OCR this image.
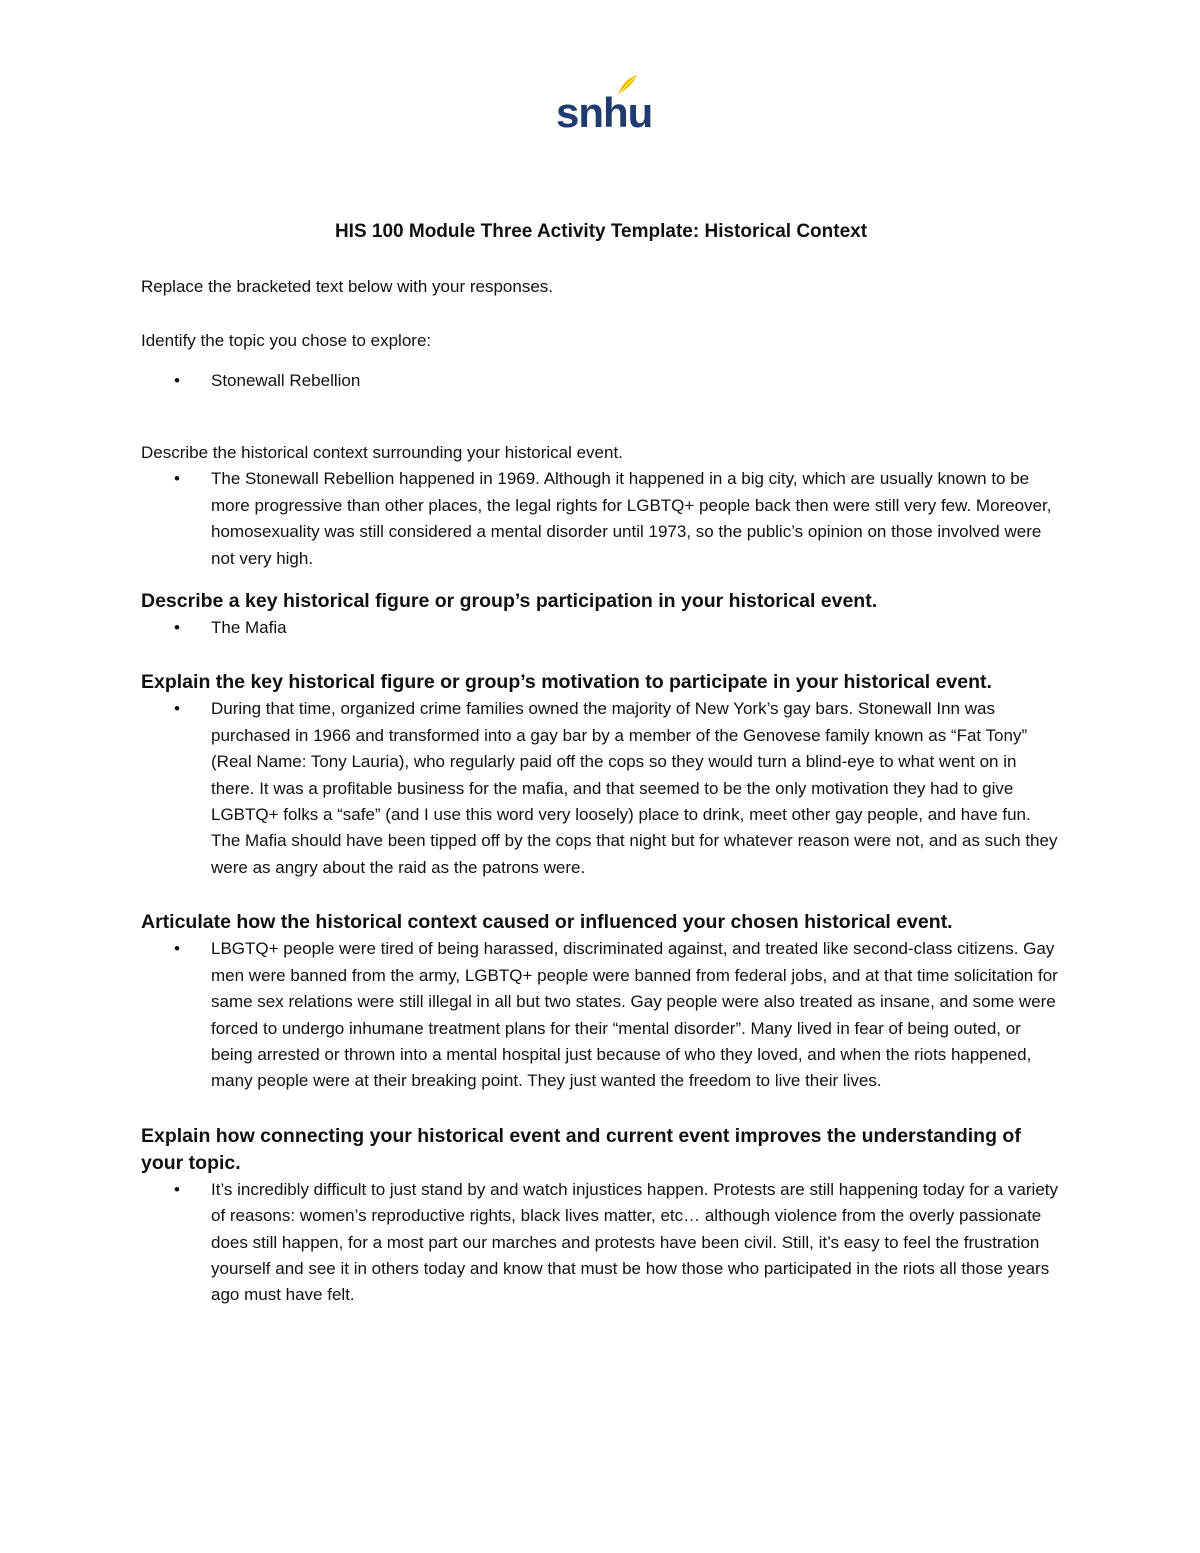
snhu

HIS 100 Module Three Activity Template: Historical Context

Replace the bracketed text below with your responses.

Identify the topic you chose to explore:

• Stonewall Rebellion

Describe the historical context surrounding your historical event.

• The Stonewall Rebellion happened in 1969. Although it happened in a big city, which are usually known to be more progressive than other places, the legal rights for LGBTQ+ people back then were still very few. Moreover, homosexuality was still considered a mental disorder until 1973, so the public’s opinion on those involved were not very high.

Describe a key historical figure or group’s participation in your historical event.

• The Mafia

Explain the key historical figure or group’s motivation to participate in your historical event.

• During that time, organized crime families owned the majority of New York’s gay bars. Stonewall Inn was purchased in 1966 and transformed into a gay bar by a member of the Genovese family known as “Fat Tony” (Real Name: Tony Lauria), who regularly paid off the cops so they would turn a blind-eye to what went on in there. It was a profitable business for the mafia, and that seemed to be the only motivation they had to give LGBTQ+ folks a “safe” (and I use this word very loosely) place to drink, meet other gay people, and have fun. The Mafia should have been tipped off by the cops that night but for whatever reason were not, and as such they were as angry about the raid as the patrons were.

Articulate how the historical context caused or influenced your chosen historical event.

• LBGTQ+ people were tired of being harassed, discriminated against, and treated like second-class citizens. Gay men were banned from the army, LGBTQ+ people were banned from federal jobs, and at that time solicitation for same sex relations were still illegal in all but two states. Gay people were also treated as insane, and some were forced to undergo inhumane treatment plans for their “mental disorder”. Many lived in fear of being outed, or being arrested or thrown into a mental hospital just because of who they loved, and when the riots happened, many people were at their breaking point. They just wanted the freedom to live their lives.

Explain how connecting your historical event and current event improves the understanding of your topic.

• It’s incredibly difficult to just stand by and watch injustices happen. Protests are still happening today for a variety of reasons: women’s reproductive rights, black lives matter, etc… although violence from the overly passionate does still happen, for a most part our marches and protests have been civil. Still, it’s easy to feel the frustration yourself and see it in others today and know that must be how those who participated in the riots all those years ago must have felt.
